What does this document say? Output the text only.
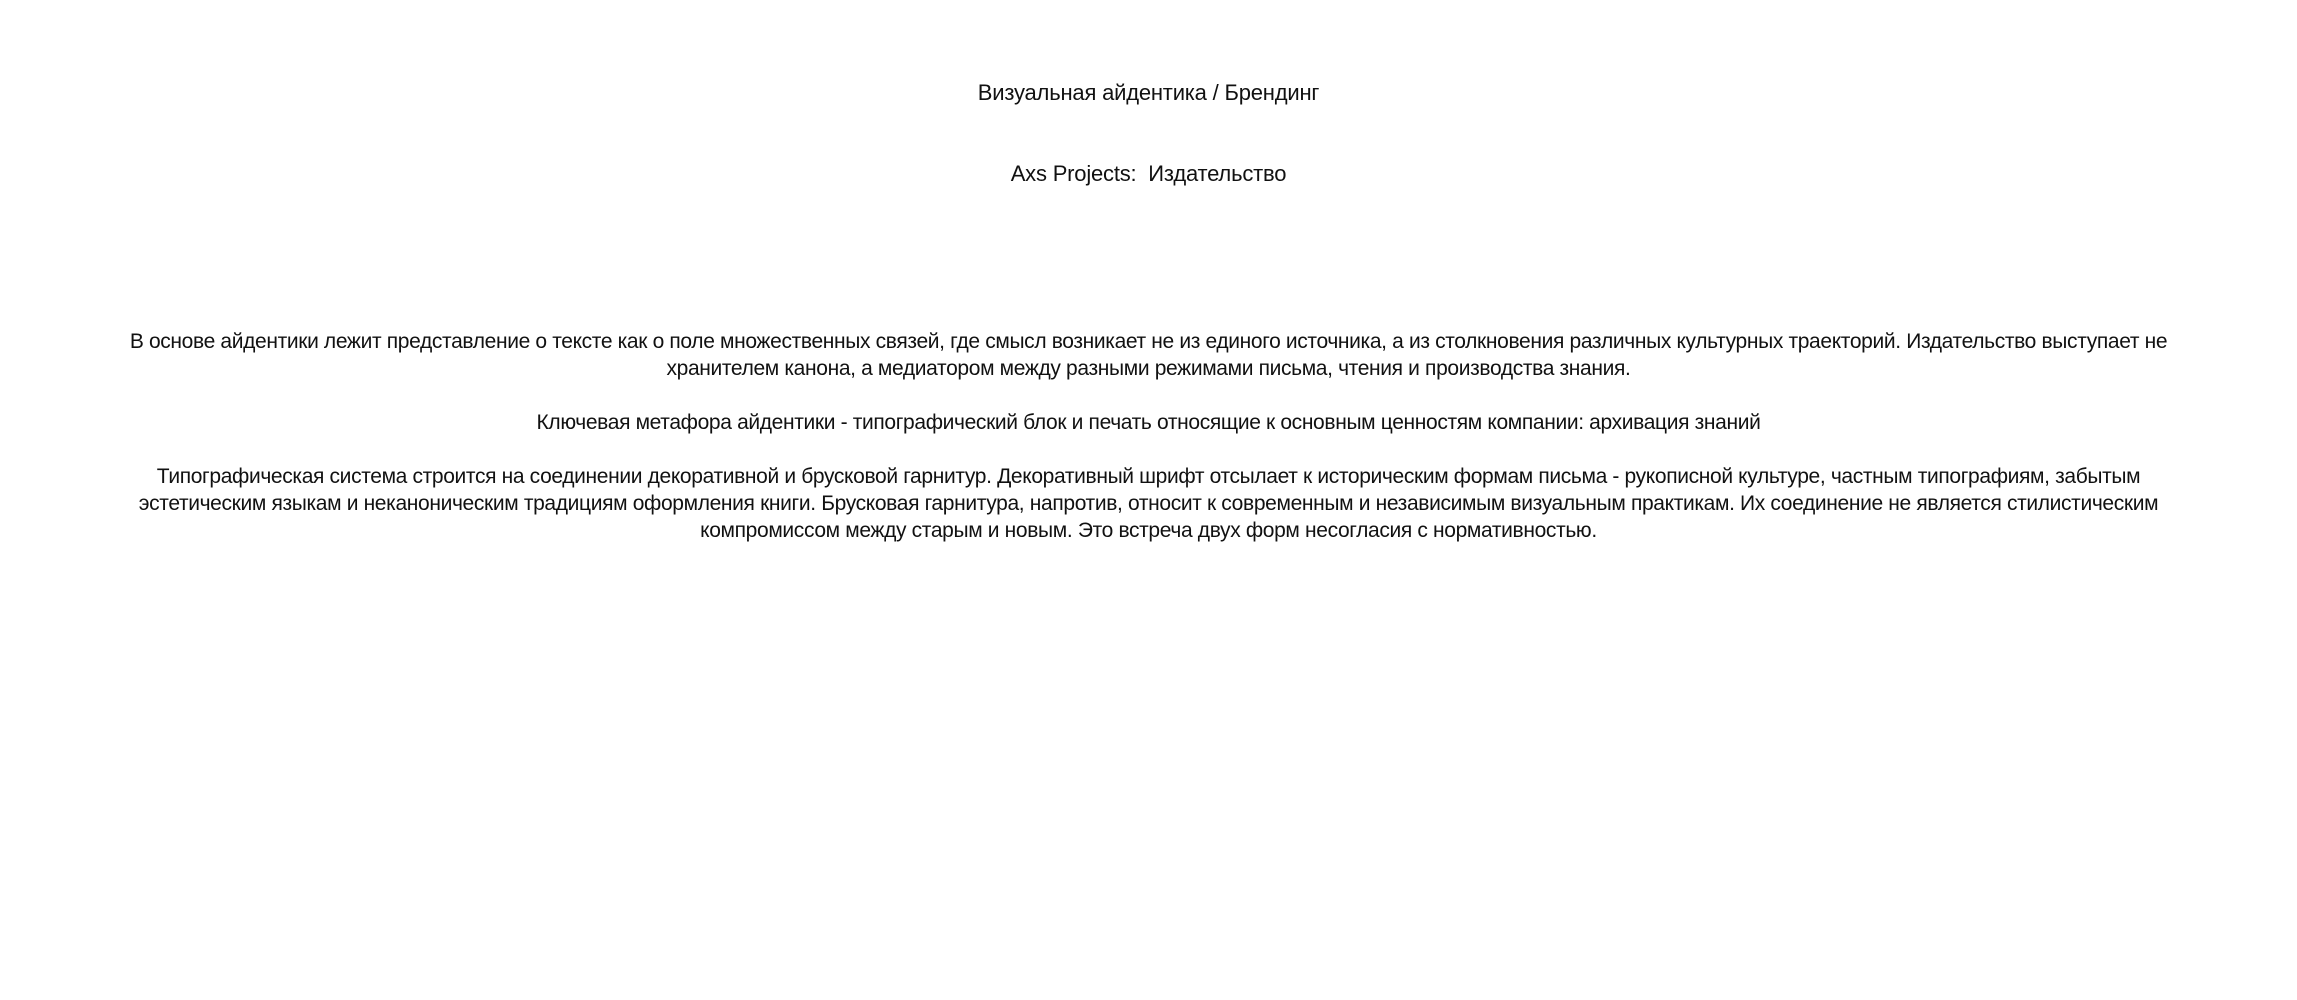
Визуальная айдентика / Брендинг
Axs Projects:  Издательство

В основе айдентики лежит представление о тексте как о поле множественных связей, где смысл возникает не из единого источника, а из столкновения различных культурных траекторий. Издательство выступает не хранителем канона, а медиатором между разными режимами письма, чтения и производства знания.

Ключевая метафора айдентики - типографический блок и печать относящие к основным ценностям компании: архивация знаний

Типографическая система строится на соединении декоративной и брусковой гарнитур. Декоративный шрифт отсылает к историческим формам письма - рукописной культуре, частным типографиям, забытым эстетическим языкам и неканоническим традициям оформления книги. Брусковая гарнитура, напротив, относит к современным и независимым визуальным практикам. Их соединение не является стилистическим компромиссом между старым и новым. Это встреча двух форм несогласия с нормативностью.
